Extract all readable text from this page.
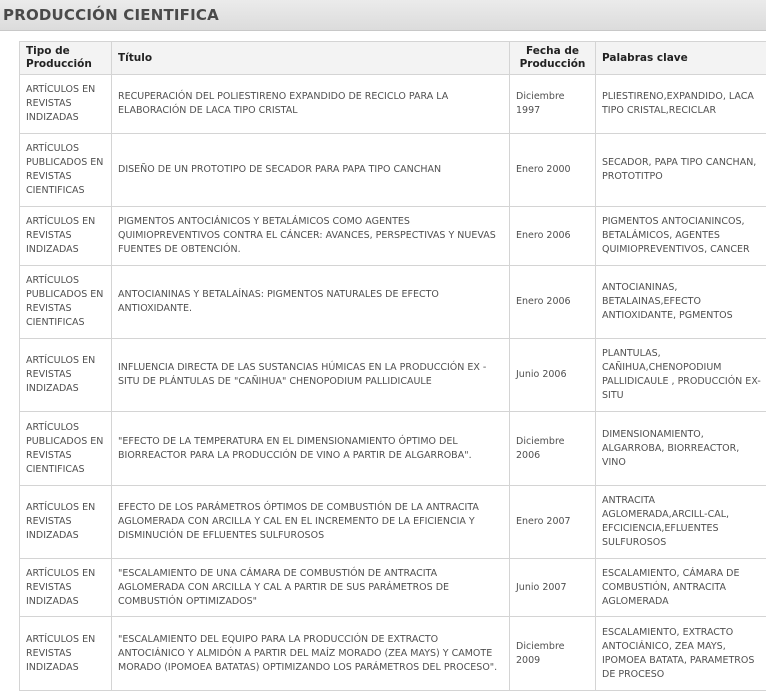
PRODUCCIÓN CIENTIFICA
Tipo de Producción	Título	Fecha de Producción	Palabras clave
ARTÍCULOS EN REVISTAS INDIZADAS	RECUPERACIÓN DEL POLIESTIRENO EXPANDIDO DE RECICLO PARA LA ELABORACIÓN DE LACA TIPO CRISTAL	Diciembre 1997	PLIESTIRENO,EXPANDIDO, LACA TIPO CRISTAL,RECICLAR
ARTÍCULOS PUBLICADOS EN REVISTAS CIENTIFICAS	DISEÑO DE UN PROTOTIPO DE SECADOR PARA PAPA TIPO CANCHAN	Enero 2000	SECADOR, PAPA TIPO CANCHAN, PROTOTITPO
ARTÍCULOS EN REVISTAS INDIZADAS	PIGMENTOS ANTOCIÁNICOS Y BETALÁMICOS COMO AGENTES QUIMIOPREVENTIVOS CONTRA EL CÁNCER: AVANCES, PERSPECTIVAS Y NUEVAS FUENTES DE OBTENCIÓN.	Enero 2006	PIGMENTOS ANTOCIANINCOS, BETALÁMICOS, AGENTES QUIMIOPREVENTIVOS, CANCER
ARTÍCULOS PUBLICADOS EN REVISTAS CIENTIFICAS	ANTOCIANINAS Y BETALAÍNAS: PIGMENTOS NATURALES DE EFECTO ANTIOXIDANTE.	Enero 2006	ANTOCIANINAS, BETALAINAS,EFECTO ANTIOXIDANTE, PGMENTOS
ARTÍCULOS EN REVISTAS INDIZADAS	INFLUENCIA DIRECTA DE LAS SUSTANCIAS HÚMICAS EN LA PRODUCCIÓN EX - SITU DE PLÁNTULAS DE "CAÑIHUA" CHENOPODIUM PALLIDICAULE	Junio 2006	PLANTULAS, CAÑIHUA,CHENOPODIUM PALLIDICAULE , PRODUCCIÓN EX-SITU
ARTÍCULOS PUBLICADOS EN REVISTAS CIENTIFICAS	"EFECTO DE LA TEMPERATURA EN EL DIMENSIONAMIENTO ÓPTIMO DEL BIORREACTOR PARA LA PRODUCCIÓN DE VINO A PARTIR DE ALGARROBA".	Diciembre 2006	DIMENSIONAMIENTO, ALGARROBA, BIORREACTOR, VINO
ARTÍCULOS EN REVISTAS INDIZADAS	EFECTO DE LOS PARÁMETROS ÓPTIMOS DE COMBUSTIÓN DE LA ANTRACITA AGLOMERADA CON ARCILLA Y CAL EN EL INCREMENTO DE LA EFICIENCIA Y DISMINUCIÓN DE EFLUENTES SULFUROSOS	Enero 2007	ANTRACITA AGLOMERADA,ARCILL-CAL, EFCICIENCIA,EFLUENTES SULFUROSOS
ARTÍCULOS EN REVISTAS INDIZADAS	"ESCALAMIENTO DE UNA CÁMARA DE COMBUSTIÓN DE ANTRACITA AGLOMERADA CON ARCILLA Y CAL A PARTIR DE SUS PARÁMETROS DE COMBUSTIÓN OPTIMIZADOS"	Junio 2007	ESCALAMIENTO, CÁMARA DE COMBUSTIÓN, ANTRACITA AGLOMERADA
ARTÍCULOS EN REVISTAS INDIZADAS	"ESCALAMIENTO DEL EQUIPO PARA LA PRODUCCIÓN DE EXTRACTO ANTOCIÁNICO Y ALMIDÓN A PARTIR DEL MAÍZ MORADO (ZEA MAYS) Y CAMOTE MORADO (IPOMOEA BATATAS) OPTIMIZANDO LOS PARÁMETROS DEL PROCESO".	Diciembre 2009	ESCALAMIENTO, EXTRACTO ANTOCIÁNICO, ZEA MAYS, IPOMOEA BATATA, PARAMETROS DE PROCESO
